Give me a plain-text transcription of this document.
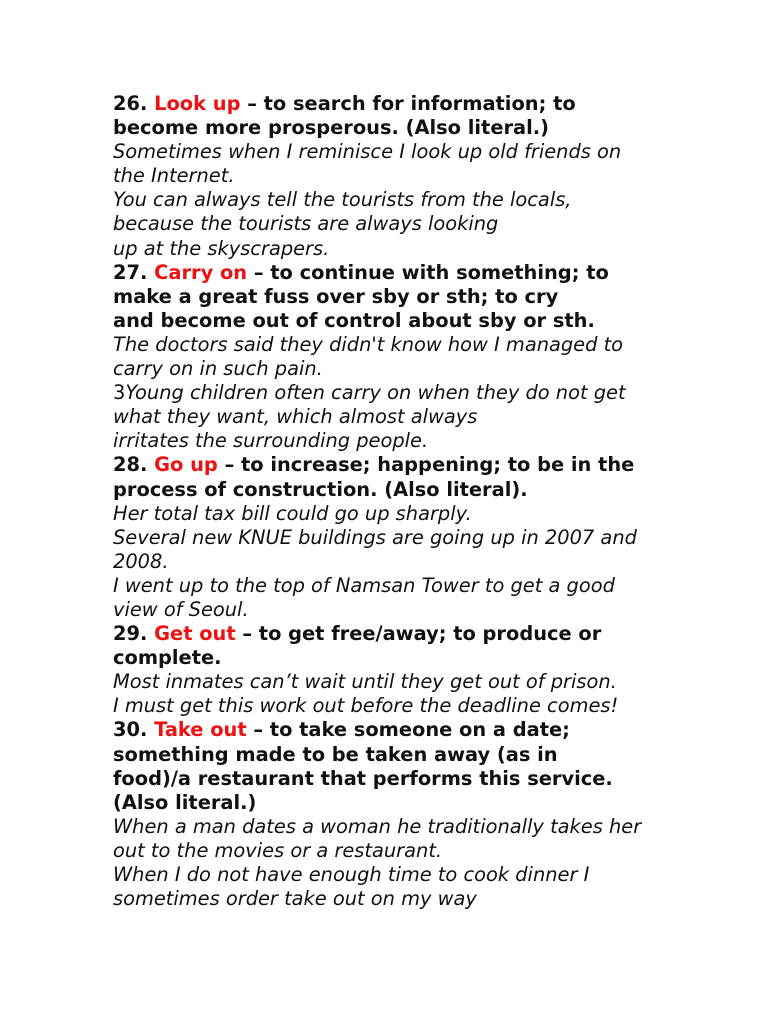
26. Look up – to search for information; to
become more prosperous. (Also literal.)
Sometimes when I reminisce I look up old friends on
the Internet.
You can always tell the tourists from the locals,
because the tourists are always looking
up at the skyscrapers.
27. Carry on – to continue with something; to
make a great fuss over sby or sth; to cry
and become out of control about sby or sth.
The doctors said they didn't know how I managed to
carry on in such pain.
3Young children often carry on when they do not get
what they want, which almost always
irritates the surrounding people.
28. Go up – to increase; happening; to be in the
process of construction. (Also literal).
Her total tax bill could go up sharply.
Several new KNUE buildings are going up in 2007 and
2008.
I went up to the top of Namsan Tower to get a good
view of Seoul.
29. Get out – to get free/away; to produce or
complete.
Most inmates can’t wait until they get out of prison.
I must get this work out before the deadline comes!
30. Take out – to take someone on a date;
something made to be taken away (as in
food)/a restaurant that performs this service.
(Also literal.)
When a man dates a woman he traditionally takes her
out to the movies or a restaurant.
When I do not have enough time to cook dinner I
sometimes order take out on my way
